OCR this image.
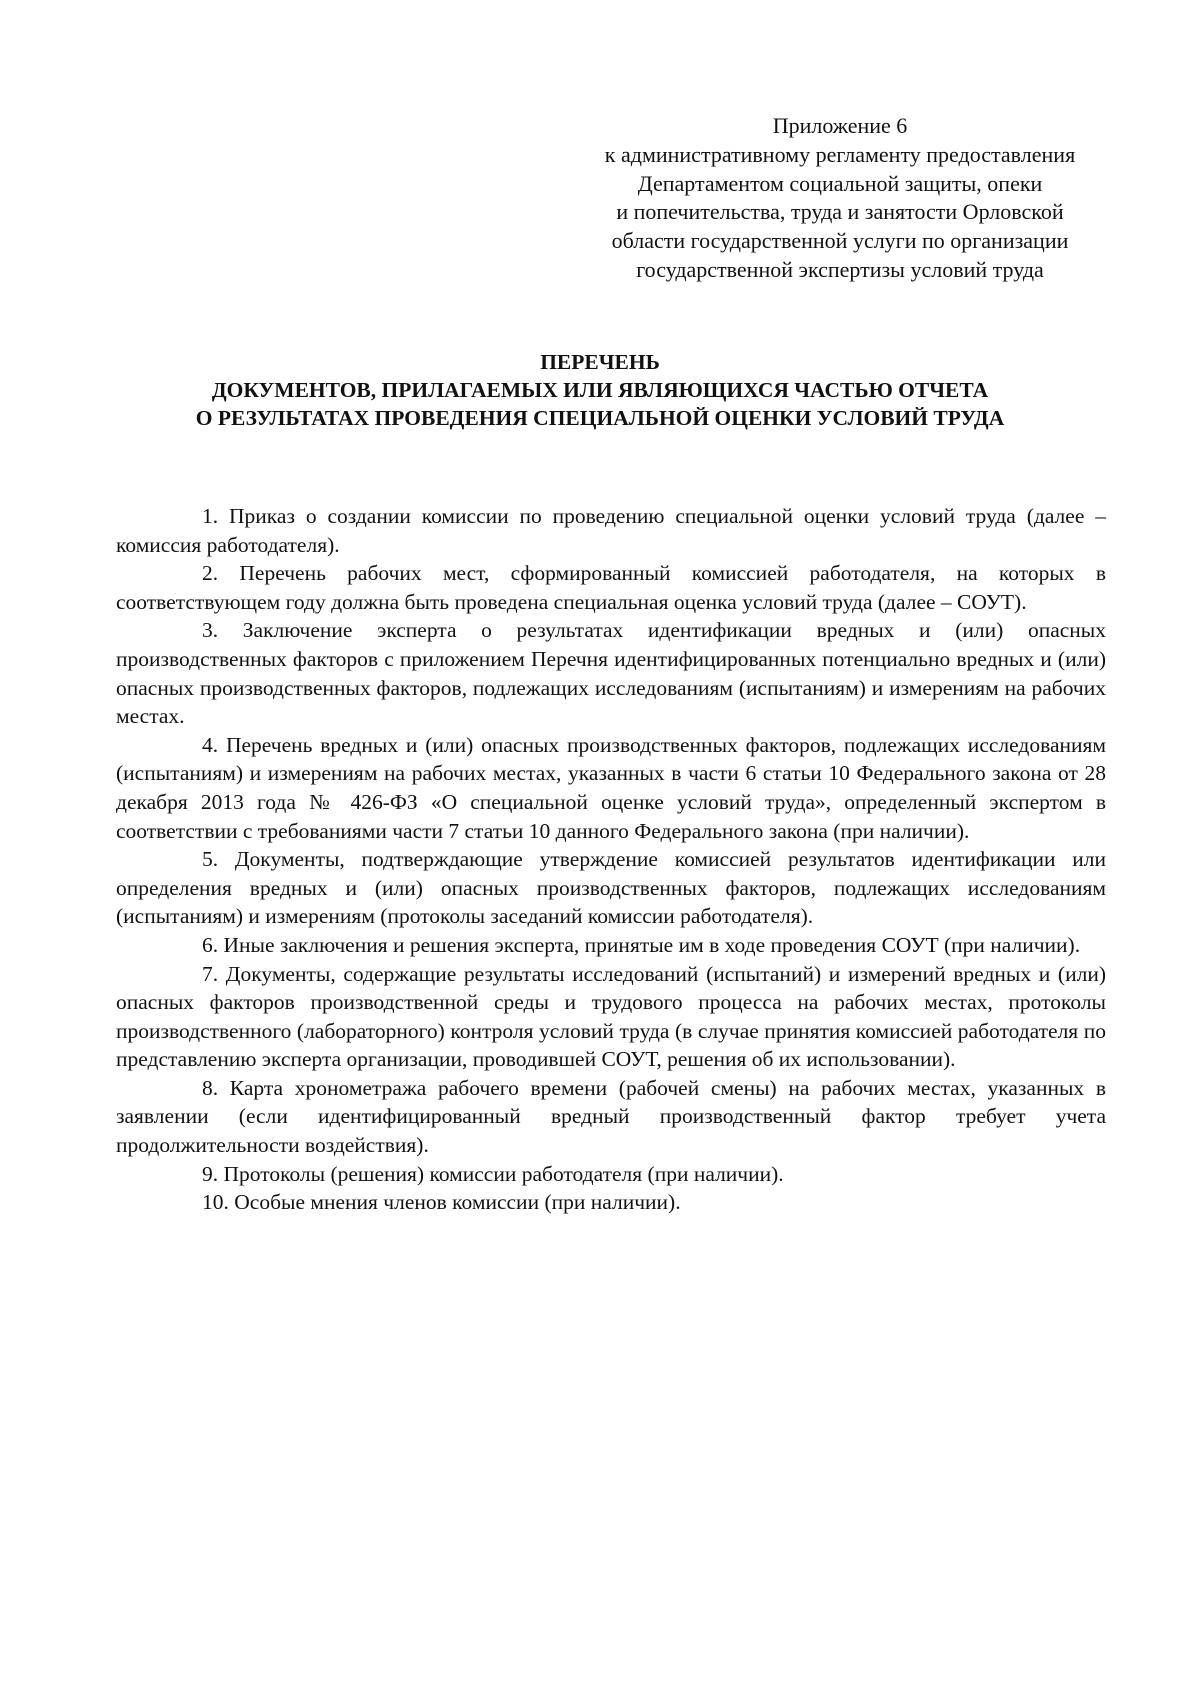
Приложение 6
к административному регламенту предоставления
Департаментом социальной защиты, опеки
и попечительства, труда и занятости Орловской
области государственной услуги по организации
государственной экспертизы условий труда
ПЕРЕЧЕНЬ
ДОКУМЕНТОВ, ПРИЛАГАЕМЫХ ИЛИ ЯВЛЯЮЩИХСЯ ЧАСТЬЮ ОТЧЕТА
О РЕЗУЛЬТАТАХ ПРОВЕДЕНИЯ СПЕЦИАЛЬНОЙ ОЦЕНКИ УСЛОВИЙ ТРУДА

1. Приказ о создании комиссии по проведению специальной оценки условий труда (далее – комиссия работодателя).

2. Перечень рабочих мест, сформированный комиссией работодателя, на которых в соответствующем году должна быть проведена специальная оценка условий труда (далее – СОУТ).

3. Заключение эксперта о результатах идентификации вредных и (или) опасных производственных факторов с приложением Перечня идентифицированных потенциально вредных и (или) опасных производственных факторов, подлежащих исследованиям (испытаниям) и измерениям на рабочих местах.

4. Перечень вредных и (или) опасных производственных факторов, подлежащих исследованиям (испытаниям) и измерениям на рабочих местах, указанных в части 6 статьи 10 Федерального закона от 28 декабря 2013 года № 426-ФЗ «О специальной оценке условий труда», определенный экспертом в соответствии с требованиями части 7 статьи 10 данного Федерального закона (при наличии).

5. Документы, подтверждающие утверждение комиссией результатов идентификации или определения вредных и (или) опасных производственных факторов, подлежащих исследованиям (испытаниям) и измерениям (протоколы заседаний комиссии работодателя).

6. Иные заключения и решения эксперта, принятые им в ходе проведения СОУТ (при наличии).

7. Документы, содержащие результаты исследований (испытаний) и измерений вредных и (или) опасных факторов производственной среды и трудового процесса на рабочих местах, протоколы производственного (лабораторного) контроля условий труда (в случае принятия комиссией работодателя по представлению эксперта организации, проводившей СОУТ, решения об их использовании).

8. Карта хронометража рабочего времени (рабочей смены) на рабочих местах, указанных в заявлении (если идентифицированный вредный производственный фактор требует учета продолжительности воздействия).

9. Протоколы (решения) комиссии работодателя (при наличии).

10. Особые мнения членов комиссии (при наличии).
